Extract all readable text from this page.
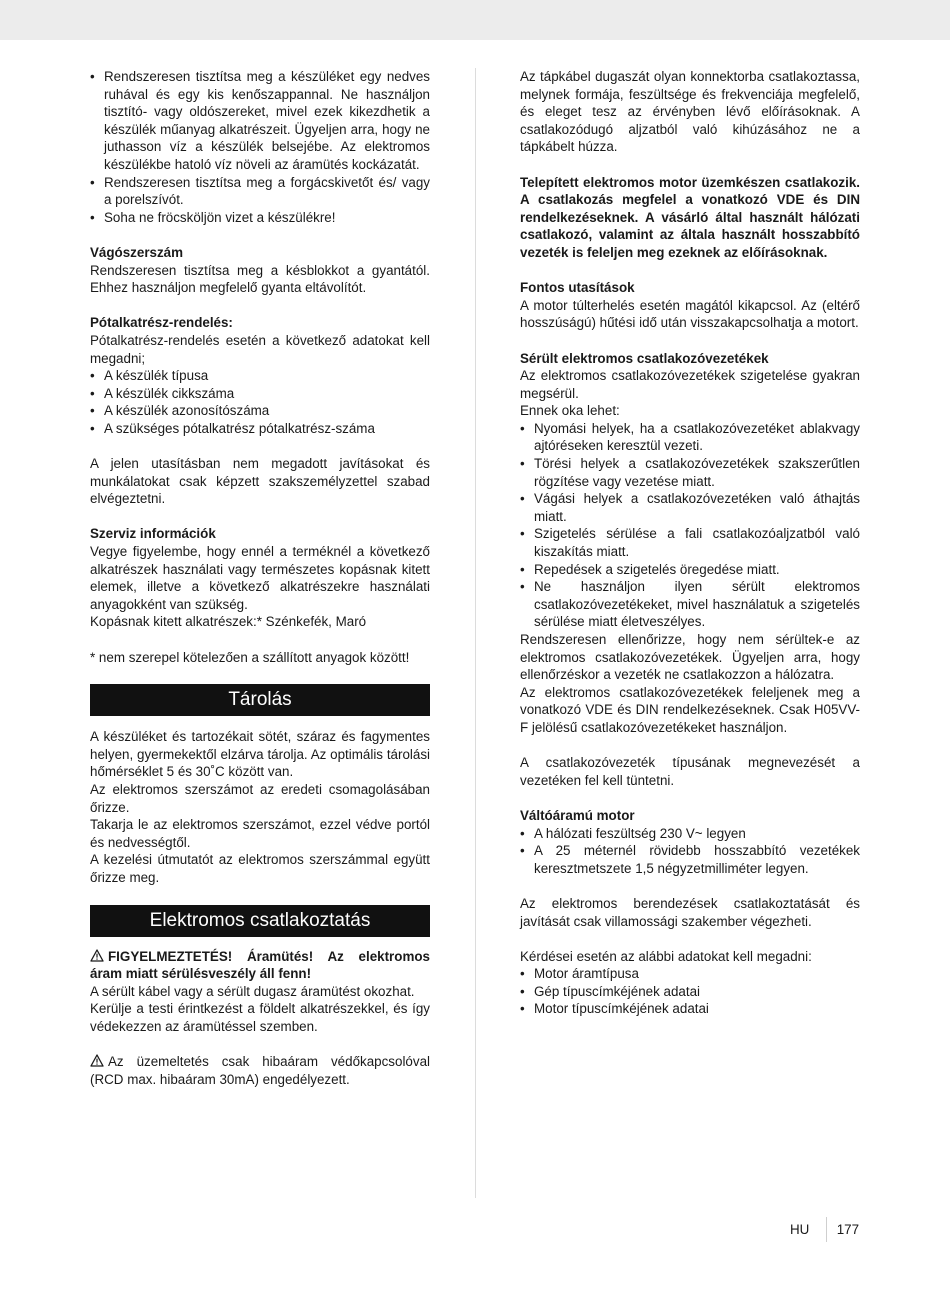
• Rendszeresen tisztítsa meg a készüléket egy nedves ruhával és egy kis kenőszappannal. Ne használjon tisztító- vagy oldószereket, mivel ezek kikezdhetik a készülék műanyag alkatrészeit. Ügyeljen arra, hogy ne juthasson víz a készülék belsejébe. Az elektromos készülékbe hatoló víz növeli az áramütés kockázatát.
• Rendszeresen tisztítsa meg a forgácskivetőt és/ vagy a porelszívót.
• Soha ne fröcsköljön vizet a készülékre!

Vágószerszám

Rendszeresen tisztítsa meg a késblokkot a gyantától. Ehhez használjon megfelelő gyanta eltávolítót.

Pótalkatrész-rendelés:

Pótalkatrész-rendelés esetén a következő adatokat kell megadni;

• A készülék típusa
• A készülék cikkszáma
• A készülék azonosítószáma
• A szükséges pótalkatrész pótalkatrész-száma

A jelen utasításban nem megadott javításokat és munkálatokat csak képzett szakszemélyzettel szabad elvégeztetni.

Szerviz információk

Vegye figyelembe, hogy ennél a terméknél a következő alkatrészek használati vagy természetes kopásnak kitett elemek, illetve a következő alkatrészekre használati anyagokként van szükség.

Kopásnak kitett alkatrészek:* Szénkefék, Maró

* nem szerepel kötelezően a szállított anyagok között!

Tárolás

A készüléket és tartozékait sötét, száraz és fagymentes helyen, gyermekektől elzárva tárolja. Az optimális tárolási hőmérséklet 5 és 30˚C között van.

Az elektromos szerszámot az eredeti csomagolásában őrizze.

Takarja le az elektromos szerszámot, ezzel védve portól és nedvességtől.

A kezelési útmutatót az elektromos szerszámmal együtt őrizze meg.

Elektromos csatlakoztatás

FIGYELMEZTETÉS! Áramütés! Az elektromos áram miatt sérülésveszély áll fenn!

A sérült kábel vagy a sérült dugasz áramütést okozhat.

Kerülje a testi érintkezést a földelt alkatrészekkel, és így védekezzen az áramütéssel szemben.

Az üzemeltetés csak hibaáram védőkapcsolóval (RCD max. hibaáram 30mA) engedélyezett.

Az tápkábel dugaszát olyan konnektorba csatlakoztassa, melynek formája, feszültsége és frekvenciája megfelelő, és eleget tesz az érvényben lévő előírásoknak. A csatlakozódugó aljzatból való kihúzásához ne a tápkábelt húzza.

Telepített elektromos motor üzemkészen csatlakozik. A csatlakozás megfelel a vonatkozó VDE és DIN rendelkezéseknek. A vásárló által használt hálózati csatlakozó, valamint az általa használt hosszabbító vezeték is feleljen meg ezeknek az előírásoknak.

Fontos utasítások

A motor túlterhelés esetén magától kikapcsol. Az (eltérő hosszúságú) hűtési idő után visszakapcsolhatja a motort.

Sérült elektromos csatlakozóvezetékek

Az elektromos csatlakozóvezetékek szigetelése gyakran megsérül.

Ennek oka lehet:

• Nyomási helyek, ha a csatlakozóvezetéket ablakvagy ajtóréseken keresztül vezeti.
• Törési helyek a csatlakozóvezetékek szakszerűtlen rögzítése vagy vezetése miatt.
• Vágási helyek a csatlakozóvezetéken való áthajtás miatt.
• Szigetelés sérülése a fali csatlakozóaljzatból való kiszakítás miatt.
• Repedések a szigetelés öregedése miatt.
• Ne használjon ilyen sérült elektromos csatlakozóvezetékeket, mivel használatuk a szigetelés sérülése miatt életveszélyes.

Rendszeresen ellenőrizze, hogy nem sérültek-e az elektromos csatlakozóvezetékek. Ügyeljen arra, hogy ellenőrzéskor a vezeték ne csatlakozzon a hálózatra.

Az elektromos csatlakozóvezetékek feleljenek meg a vonatkozó VDE és DIN rendelkezéseknek. Csak H05VV-F jelölésű csatlakozóvezetékeket használjon.

A csatlakozóvezeték típusának megnevezését a vezetéken fel kell tüntetni.

Váltóáramú motor

• A hálózati feszültség 230 V~ legyen
• A 25 méternél rövidebb hosszabbító vezetékek keresztmetszete 1,5 négyzetmilliméter legyen.

Az elektromos berendezések csatlakoztatását és javítását csak villamossági szakember végezheti.

Kérdései esetén az alábbi adatokat kell megadni:

• Motor áramtípusa
• Gép típuscímkéjének adatai
• Motor típuscímkéjének adatai
HU 177
